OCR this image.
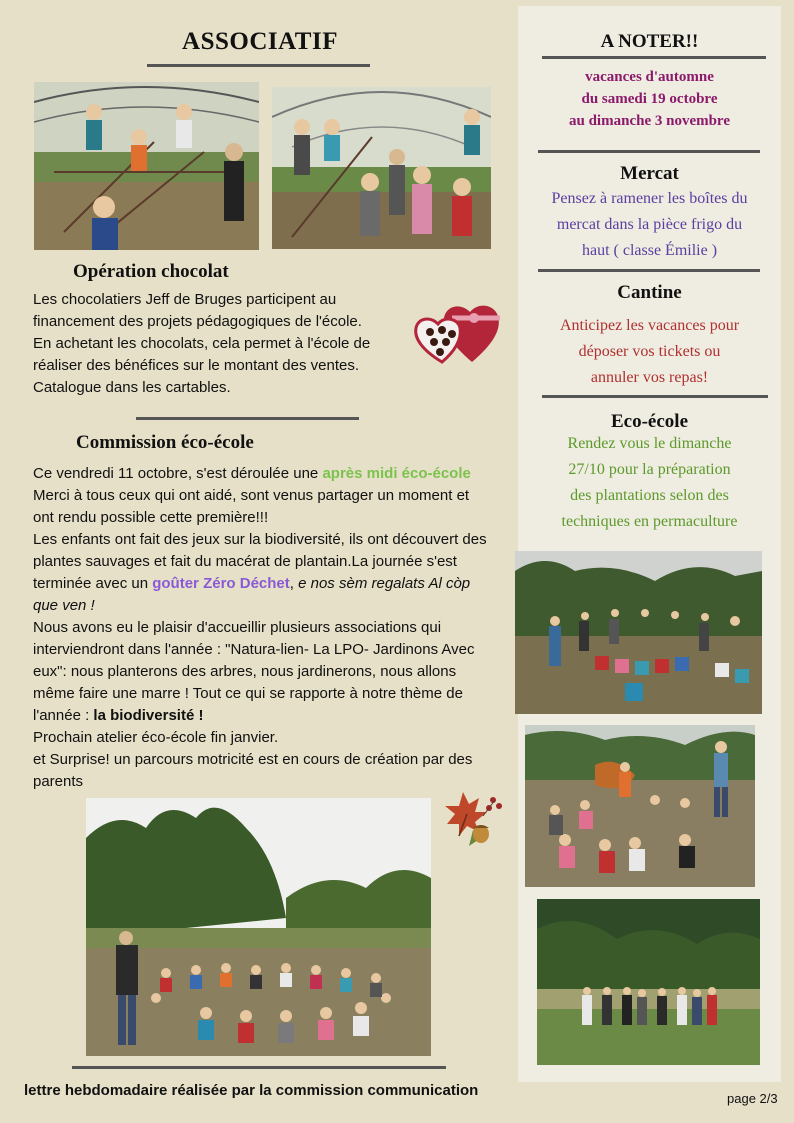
ASSOCIATIF
Opération chocolat
Les chocolatiers Jeff de Bruges participent au
financement des projets pédagogiques de l'école.
En achetant les chocolats, cela permet à l'école de
réaliser des bénéfices sur le montant des ventes.
Catalogue dans les cartables.
Commission éco-école

Ce vendredi 11 octobre, s'est déroulée une après midi éco-école Merci à tous ceux qui ont aidé, sont venus partager un moment et ont rendu possible cette première!!!

Les enfants ont fait des jeux sur la biodiversité, ils ont découvert des plantes sauvages et fait du macérat de plantain.La journée s'est terminée avec un goûter Zéro Déchet, e nos sèm regalats Al còp que ven !

Nous avons eu le plaisir d'accueillir plusieurs associations qui interviendront dans l'année : "Natura-lien- La LPO- Jardinons Avec eux": nous planterons des arbres, nous jardinerons, nous allons même faire une marre ! Tout ce qui se rapporte à notre thème de l'année : la biodiversité !

Prochain atelier éco-école fin janvier.

et Surprise! un parcours motricité est en cours de création par des parents

lettre hebdomadaire réalisée par la commission communication	page 2/3
A NOTER!!
vacances d'automne
du samedi 19 octobre
au dimanche 3 novembre
Mercat
Pensez à ramener les boîtes du
mercat dans la pièce frigo du
haut ( classe Émilie )
Cantine
Anticipez les vacances pour
déposer vos tickets ou
annuler vos repas!
Eco-école
Rendez vous le dimanche
27/10 pour la préparation
des plantations selon des
techniques en permaculture
